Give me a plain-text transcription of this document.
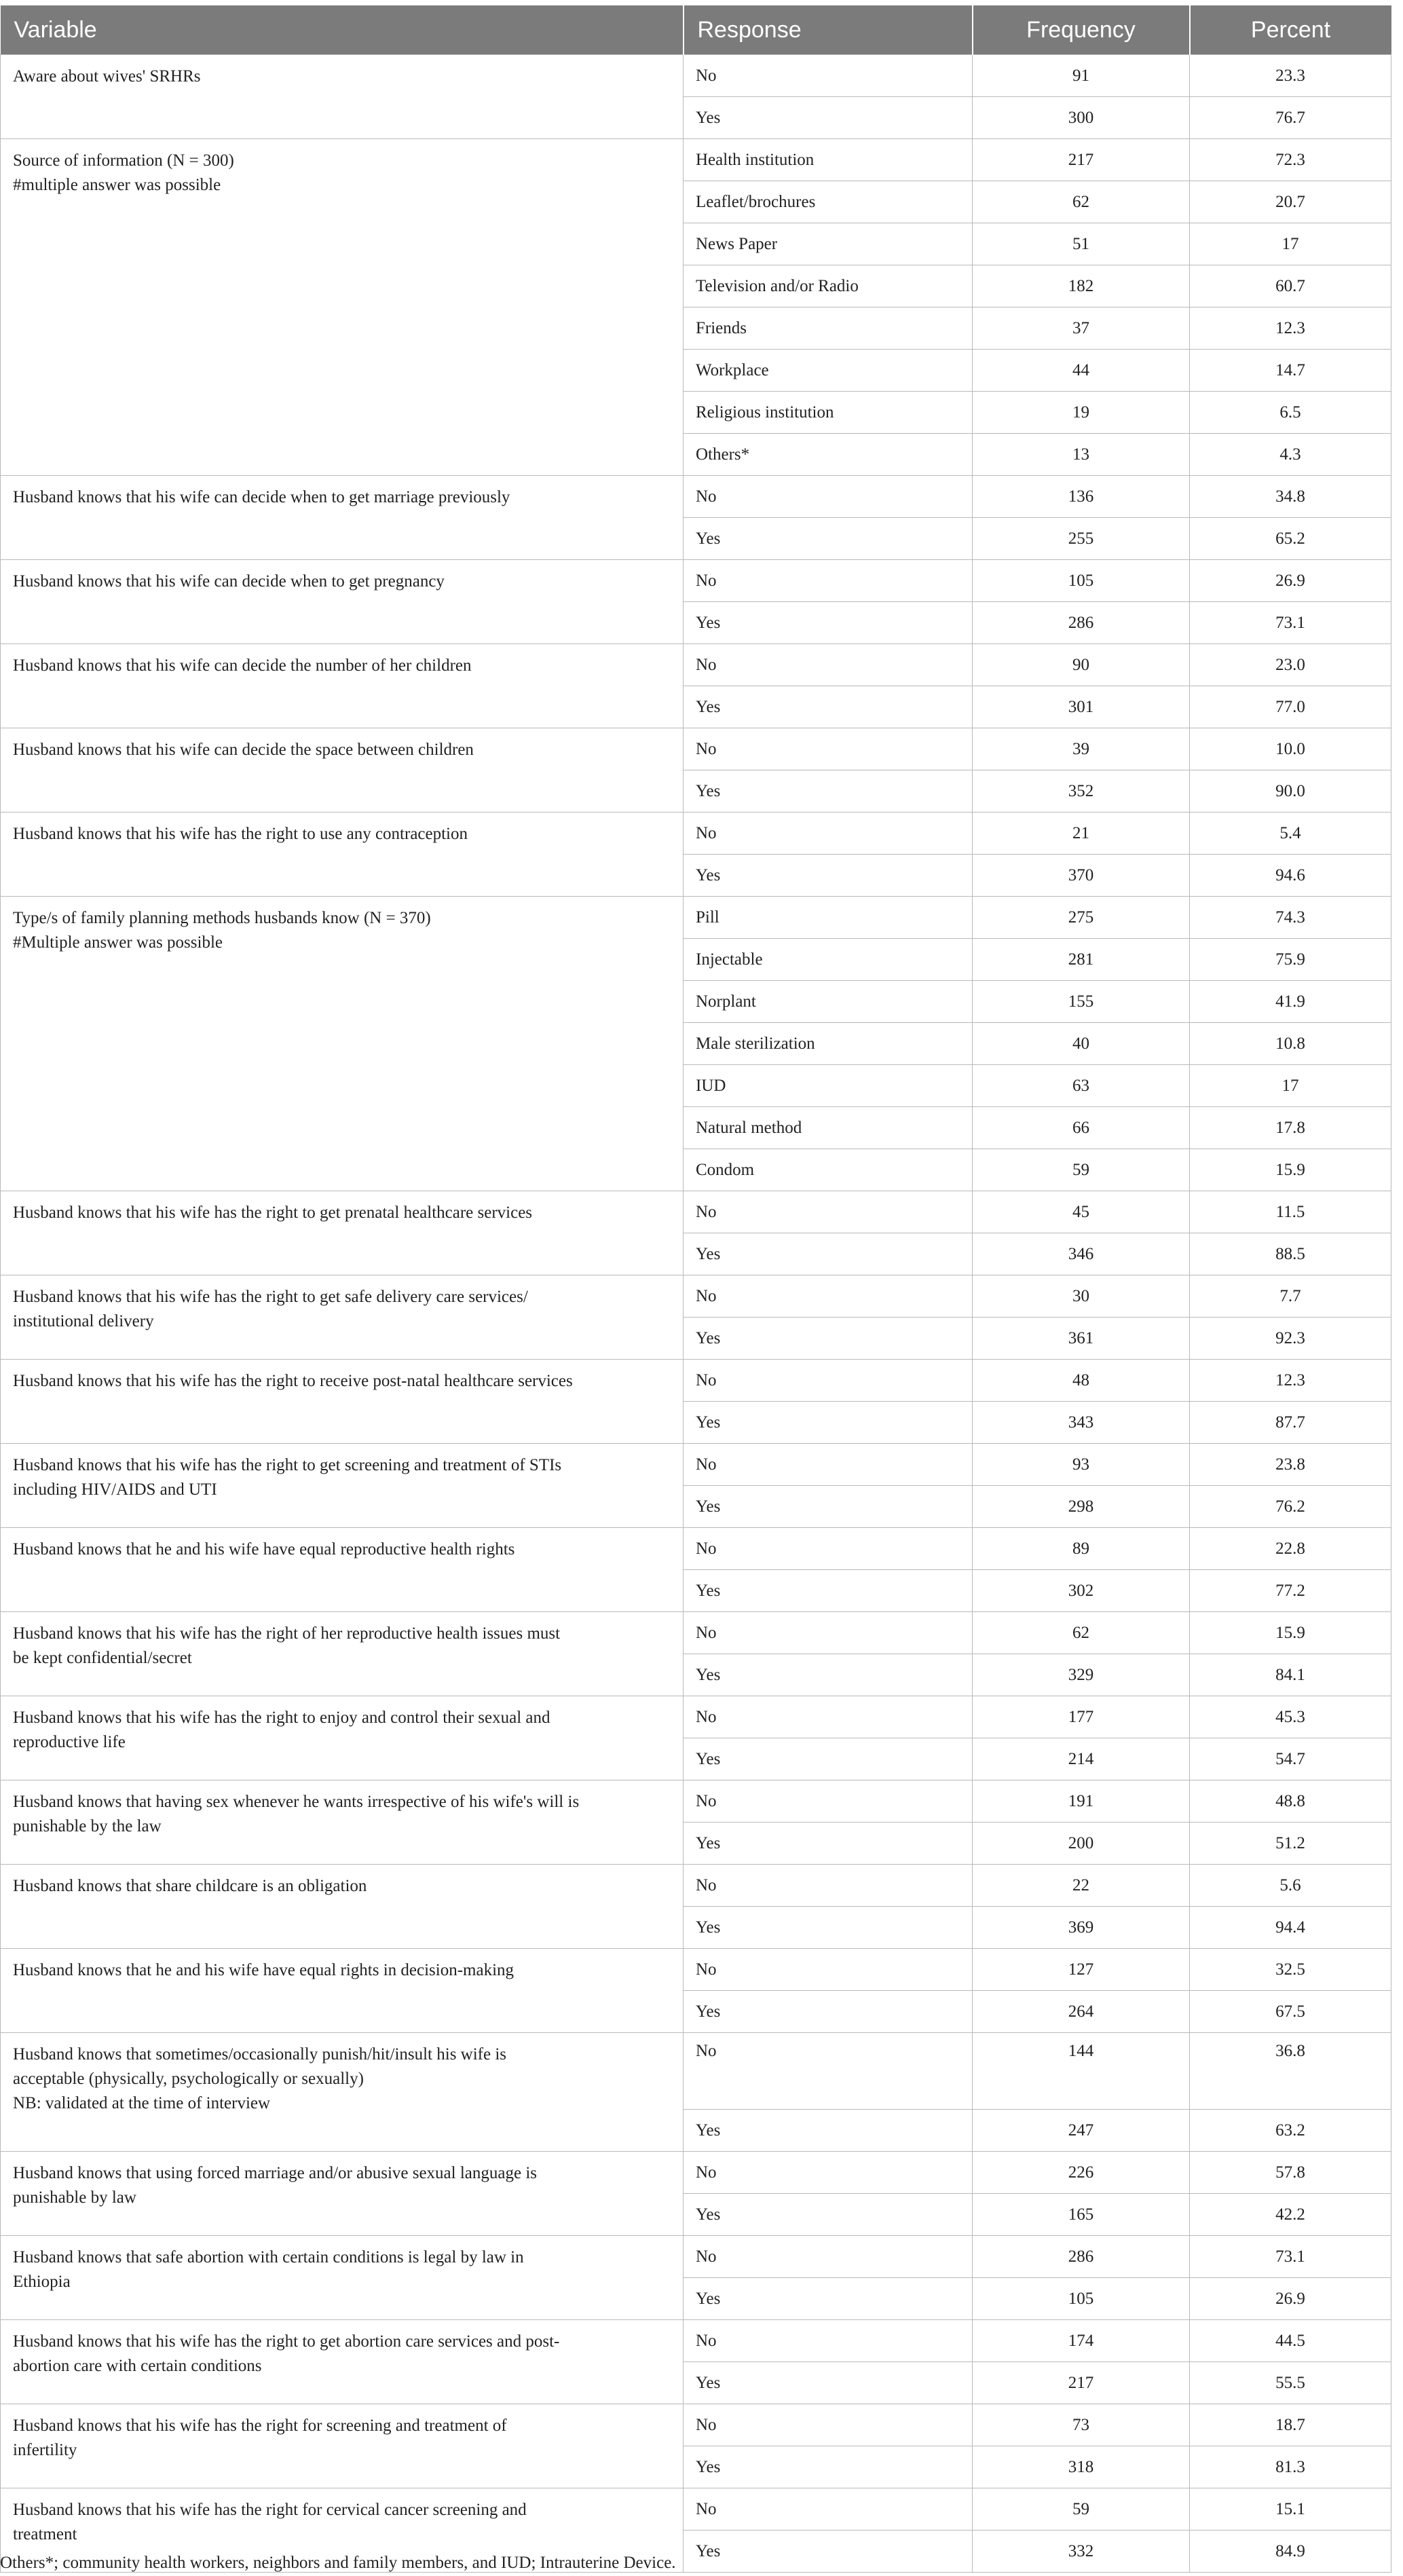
Variable	Response	Frequency	Percent

Aware about wives' SRHRs	No	91	23.3
	Yes	300	76.7

Source of information (N = 300)
#multiple answer was possible	Health institution	217	72.3
	Leaflet/brochures	62	20.7
	News Paper	51	17
	Television and/or Radio	182	60.7
	Friends	37	12.3
	Workplace	44	14.7
	Religious institution	19	6.5
	Others*	13	4.3

Husband knows that his wife can decide when to get marriage previously	No	136	34.8
	Yes	255	65.2

Husband knows that his wife can decide when to get pregnancy	No	105	26.9
	Yes	286	73.1

Husband knows that his wife can decide the number of her children	No	90	23.0
	Yes	301	77.0

Husband knows that his wife can decide the space between children	No	39	10.0
	Yes	352	90.0

Husband knows that his wife has the right to use any contraception	No	21	5.4
	Yes	370	94.6

Type/s of family planning methods husbands know (N = 370)
#Multiple answer was possible	Pill	275	74.3
	Injectable	281	75.9
	Norplant	155	41.9
	Male sterilization	40	10.8
	IUD	63	17
	Natural method	66	17.8
	Condom	59	15.9

Husband knows that his wife has the right to get prenatal healthcare services	No	45	11.5
	Yes	346	88.5

Husband knows that his wife has the right to get safe delivery care services/
institutional delivery	No	30	7.7
	Yes	361	92.3

Husband knows that his wife has the right to receive post-natal healthcare services	No	48	12.3
	Yes	343	87.7

Husband knows that his wife has the right to get screening and treatment of STIs
including HIV/AIDS and UTI	No	93	23.8
	Yes	298	76.2

Husband knows that he and his wife have equal reproductive health rights	No	89	22.8
	Yes	302	77.2

Husband knows that his wife has the right of her reproductive health issues must
be kept confidential/secret	No	62	15.9
	Yes	329	84.1

Husband knows that his wife has the right to enjoy and control their sexual and
reproductive life	No	177	45.3
	Yes	214	54.7

Husband knows that having sex whenever he wants irrespective of his wife's will is
punishable by the law	No	191	48.8
	Yes	200	51.2

Husband knows that share childcare is an obligation	No	22	5.6
	Yes	369	94.4

Husband knows that he and his wife have equal rights in decision-making	No	127	32.5
	Yes	264	67.5

Husband knows that sometimes/occasionally punish/hit/insult his wife is
acceptable (physically, psychologically or sexually)
NB: validated at the time of interview	No	144	36.8
	Yes	247	63.2

Husband knows that using forced marriage and/or abusive sexual language is
punishable by law	No	226	57.8
	Yes	165	42.2

Husband knows that safe abortion with certain conditions is legal by law in
Ethiopia	No	286	73.1
	Yes	105	26.9

Husband knows that his wife has the right to get abortion care services and post-
abortion care with certain conditions	No	174	44.5
	Yes	217	55.5

Husband knows that his wife has the right for screening and treatment of
infertility	No	73	18.7
	Yes	318	81.3

Husband knows that his wife has the right for cervical cancer screening and
treatment	No	59	15.1
	Yes	332	84.9
Others*; community health workers, neighbors and family members, and IUD; Intrauterine Device.
